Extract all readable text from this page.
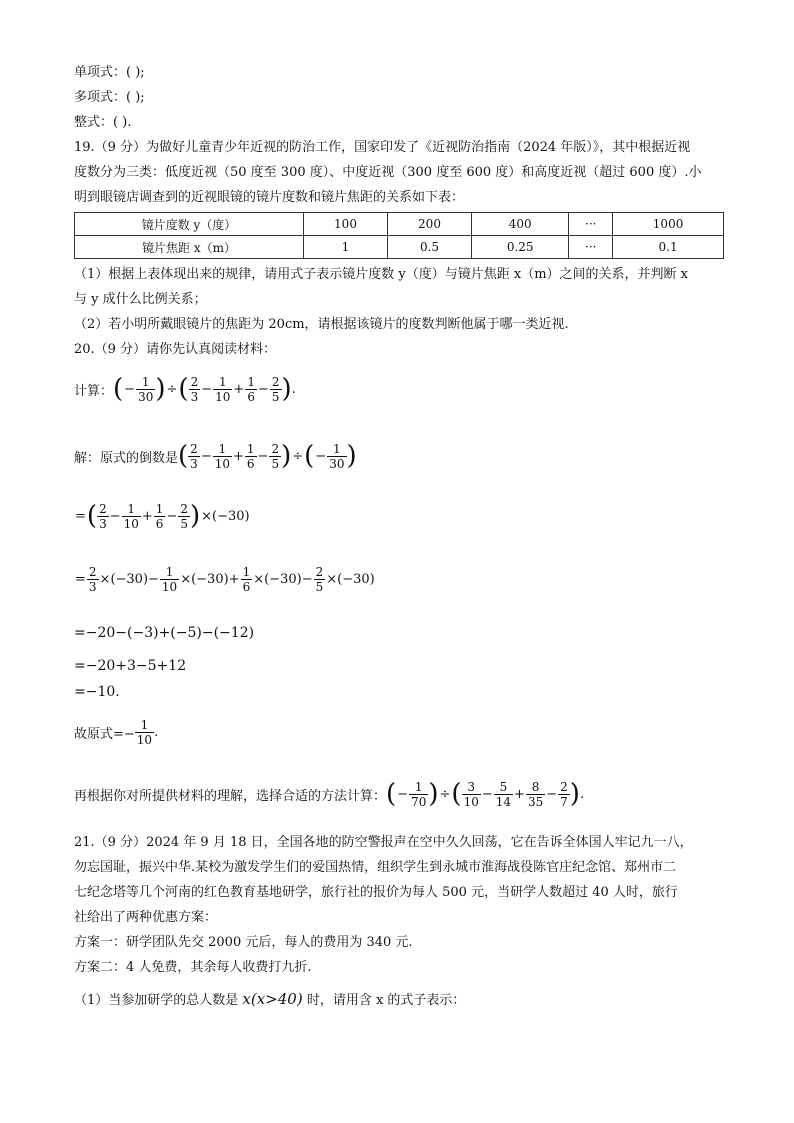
单项式：( );
多项式：( );
整式：( ).
19.（9 分）为做好儿童青少年近视的防治工作，国家印发了《近视防治指南（2024 年版）》，其中根据近视
度数分为三类：低度近视（50 度至 300 度）、中度近视（300 度至 600 度）和高度近视（超过 600 度）.小
明到眼镜店调查到的近视眼镜的镜片度数和镜片焦距的关系如下表：
镜片度数 y（度）	100	200	400	···	1000
镜片焦距 x（m）	1	0.5	0.25	···	0.1
（1）根据上表体现出来的规律，请用式子表示镜片度数 y（度）与镜片焦距 x（m）之间的关系，并判断 x
与 y 成什么比例关系；
（2）若小明所戴眼镜片的焦距为 20cm，请根据该镜片的度数判断他属于哪一类近视.
20.（9 分）请你先认真阅读材料：
计算： ( − $\frac{1}{30}$ ) ÷ ( $\frac{2}{3} - \frac{1}{10} + \frac{1}{6} - \frac{2}{5}$ ) .
解：原式的倒数是 ( $\frac{2}{3} - \frac{1}{10} + \frac{1}{6} - \frac{2}{5}$ ) ÷ ( − $\frac{1}{30}$ )
= ( $\frac{2}{3} - \frac{1}{10} + \frac{1}{6} - \frac{2}{5}$ ) ×(−30)
= $\frac{2}{3} \times(-30)- \frac{1}{10} \times(-30)+ \frac{1}{6} \times(-30)- \frac{2}{5} \times(-30)$
=−20−(−3)+(−5)−(−12)
=−20+3−5+12
=−10.
故原式=− $\frac{1}{10}$ .
再根据你对所提供材料的理解，选择合适的方法计算： ( − $\frac{1}{70}$ ) ÷ ( $\frac{3}{10} - \frac{5}{14} + \frac{8}{35} - \frac{2}{7}$ ) .
21.（9 分）2024 年 9 月 18 日，全国各地的防空警报声在空中久久回荡，它在告诉全体国人牢记九一八，
勿忘国耻，振兴中华.某校为激发学生们的爱国热情，组织学生到永城市淮海战役陈官庄纪念馆、郑州市二
七纪念塔等几个河南的红色教育基地研学，旅行社的报价为每人 500 元，当研学人数超过 40 人时，旅行
社给出了两种优惠方案：
方案一：研学团队先交 2000 元后，每人的费用为 340 元.
方案二：4 人免费，其余每人收费打九折.
（1）当参加研学的总人数是 x(x>40) 时，请用含 x 的式子表示：
